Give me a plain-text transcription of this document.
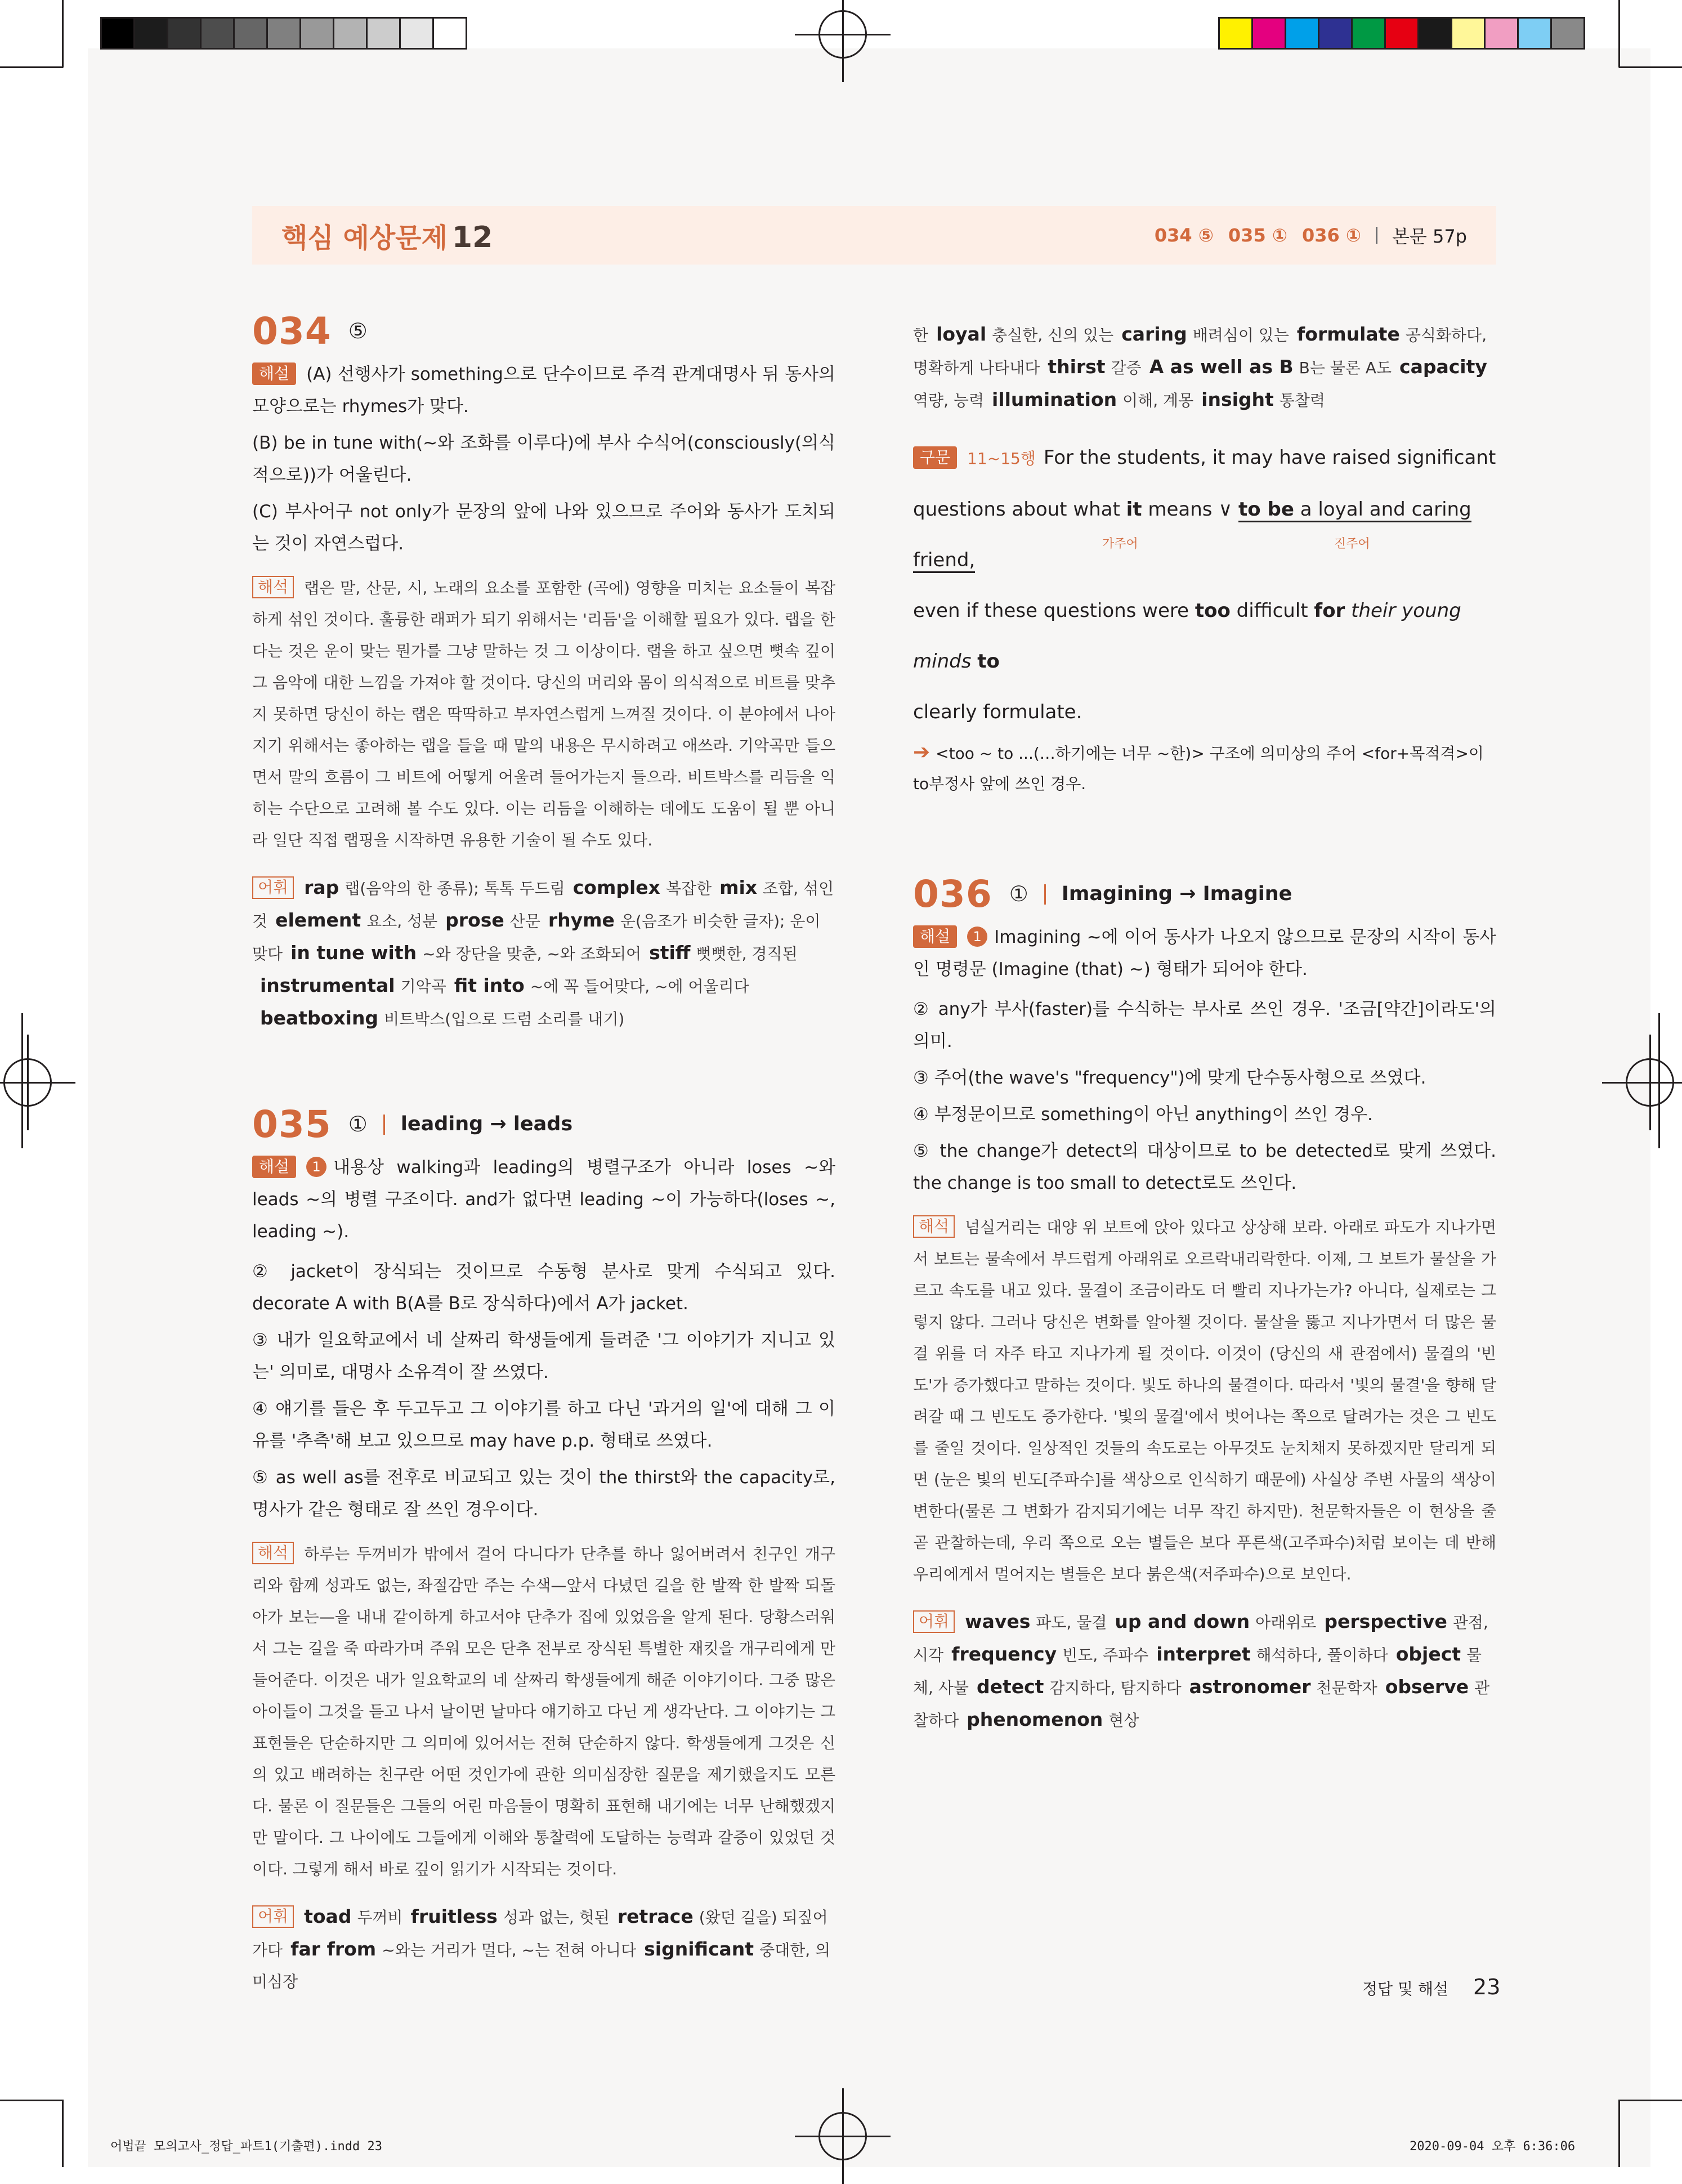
핵심 예상문제 12	034 ⑤ 035 ① 036 ① 본문 57p
034 ⑤

해설 (A) 선행사가 something으로 단수이므로 주격 관계대명사 뒤 동사의 모양으로는 rhymes가 맞다.

(B) be in tune with(~와 조화를 이루다)에 부사 수식어(consciously(의식적으로))가 어울린다.

(C) 부사어구 not only가 문장의 앞에 나와 있으므로 주어와 동사가 도치되는 것이 자연스럽다.

해석 랩은 말, 산문, 시, 노래의 요소를 포함한 (곡에) 영향을 미치는 요소들이 복잡하게 섞인 것이다. 훌륭한 래퍼가 되기 위해서는 '리듬'을 이해할 필요가 있다. 랩을 한다는 것은 운이 맞는 뭔가를 그냥 말하는 것 그 이상이다. 랩을 하고 싶으면 뼛속 깊이 그 음악에 대한 느낌을 가져야 할 것이다. 당신의 머리와 몸이 의식적으로 비트를 맞추지 못하면 당신이 하는 랩은 딱딱하고 부자연스럽게 느껴질 것이다. 이 분야에서 나아지기 위해서는 좋아하는 랩을 들을 때 말의 내용은 무시하려고 애쓰라. 기악곡만 들으면서 말의 흐름이 그 비트에 어떻게 어울려 들어가는지 들으라. 비트박스를 리듬을 익히는 수단으로 고려해 볼 수도 있다. 이는 리듬을 이해하는 데에도 도움이 될 뿐 아니라 일단 직접 랩핑을 시작하면 유용한 기술이 될 수도 있다.

어휘 rap 랩(음악의 한 종류); 톡톡 두드림 complex 복잡한 mix 조합, 섞인 것 element 요소, 성분 prose 산문 rhyme 운(음조가 비슷한 글자); 운이 맞다 in tune with ~와 장단을 맞춘, ~와 조화되어 stiff 뻣뻣한, 경직된instrumental 기악곡 fit into ~에 꼭 들어맞다, ~에 어울리다beatboxing 비트박스(입으로 드럼 소리를 내기)

035 ① leading → leads

해설 1 내용상 walking과 leading의 병렬구조가 아니라 loses ~와 leads ~의 병렬 구조이다. and가 없다면 leading ~이 가능하다(loses ~, leading ~).

② jacket이 장식되는 것이므로 수동형 분사로 맞게 수식되고 있다. decorate A with B(A를 B로 장식하다)에서 A가 jacket.

③ 내가 일요학교에서 네 살짜리 학생들에게 들려준 '그 이야기가 지니고 있는' 의미로, 대명사 소유격이 잘 쓰였다.

④ 얘기를 들은 후 두고두고 그 이야기를 하고 다닌 '과거의 일'에 대해 그 이유를 '추측'해 보고 있으므로 may have p.p. 형태로 쓰였다.

⑤ as well as를 전후로 비교되고 있는 것이 the thirst와 the capacity로, 명사가 같은 형태로 잘 쓰인 경우이다.

해석 하루는 두꺼비가 밖에서 걸어 다니다가 단추를 하나 잃어버려서 친구인 개구리와 함께 성과도 없는, 좌절감만 주는 수색—앞서 다녔던 길을 한 발짝 한 발짝 되돌아가 보는—을 내내 같이하게 하고서야 단추가 집에 있었음을 알게 된다. 당황스러워서 그는 길을 죽 따라가며 주워 모은 단추 전부로 장식된 특별한 재킷을 개구리에게 만들어준다. 이것은 내가 일요학교의 네 살짜리 학생들에게 해준 이야기이다. 그중 많은 아이들이 그것을 듣고 나서 날이면 날마다 얘기하고 다닌 게 생각난다. 그 이야기는 그 표현들은 단순하지만 그 의미에 있어서는 전혀 단순하지 않다. 학생들에게 그것은 신의 있고 배려하는 친구란 어떤 것인가에 관한 의미심장한 질문을 제기했을지도 모른다. 물론 이 질문들은 그들의 어린 마음들이 명확히 표현해 내기에는 너무 난해했겠지만 말이다. 그 나이에도 그들에게 이해와 통찰력에 도달하는 능력과 갈증이 있었던 것이다. 그렇게 해서 바로 깊이 읽기가 시작되는 것이다.

어휘 toad 두꺼비 fruitless 성과 없는, 헛된 retrace (왔던 길을) 되짚어가다 far from ~와는 거리가 멀다, ~는 전혀 아니다 significant 중대한, 의미심장

한 loyal 충실한, 신의 있는 caring 배려심이 있는 formulate 공식화하다, 명확하게 나타내다 thirst 갈증 A as well as B B는 물론 A도 capacity역량, 능력 illumination 이해, 계몽 insight 통찰력

구문 11~15행 For the students, it may have raised significant
questions about what it means ∨ to be a loyal and caring friend,
가주어	진주어
even if these questions were too difficult for their young minds to
clearly formulate.
➔ <too ~ to ...(…하기에는 너무 ~한)> 구조에 의미상의 주어 <for+목적격>이 to부정사 앞에 쓰인 경우.
036 ① Imagining → Imagine

해설 1 Imagining ~에 이어 동사가 나오지 않으므로 문장의 시작이 동사인 명령문 (Imagine (that) ~) 형태가 되어야 한다.

② any가 부사(faster)를 수식하는 부사로 쓰인 경우. '조금[약간]이라도'의 의미.

③ 주어(the wave's "frequency")에 맞게 단수동사형으로 쓰였다.

④ 부정문이므로 something이 아닌 anything이 쓰인 경우.

⑤ the change가 detect의 대상이므로 to be detected로 맞게 쓰였다. the change is too small to detect로도 쓰인다.

해석 넘실거리는 대양 위 보트에 앉아 있다고 상상해 보라. 아래로 파도가 지나가면서 보트는 물속에서 부드럽게 아래위로 오르락내리락한다. 이제, 그 보트가 물살을 가르고 속도를 내고 있다. 물결이 조금이라도 더 빨리 지나가는가? 아니다, 실제로는 그렇지 않다. 그러나 당신은 변화를 알아챌 것이다. 물살을 뚫고 지나가면서 더 많은 물결 위를 더 자주 타고 지나가게 될 것이다. 이것이 (당신의 새 관점에서) 물결의 '빈도'가 증가했다고 말하는 것이다. 빛도 하나의 물결이다. 따라서 '빛의 물결'을 향해 달려갈 때 그 빈도도 증가한다. '빛의 물결'에서 벗어나는 쪽으로 달려가는 것은 그 빈도를 줄일 것이다. 일상적인 것들의 속도로는 아무것도 눈치채지 못하겠지만 달리게 되면 (눈은 빛의 빈도[주파수]를 색상으로 인식하기 때문에) 사실상 주변 사물의 색상이 변한다(물론 그 변화가 감지되기에는 너무 작긴 하지만). 천문학자들은 이 현상을 줄곧 관찰하는데, 우리 쪽으로 오는 별들은 보다 푸른색(고주파수)처럼 보이는 데 반해 우리에게서 멀어지는 별들은 보다 붉은색(저주파수)으로 보인다.

어휘 waves 파도, 물결 up and down 아래위로 perspective 관점, 시각 frequency 빈도, 주파수 interpret 해석하다, 풀이하다 object 물체, 사물 detect 감지하다, 탐지하다 astronomer 천문학자 observe 관찰하다 phenomenon 현상

정답 및 해설 23
어법끝 모의고사_정답_파트1(기출편).indd 23	2020-09-04 오후 6:36:06
